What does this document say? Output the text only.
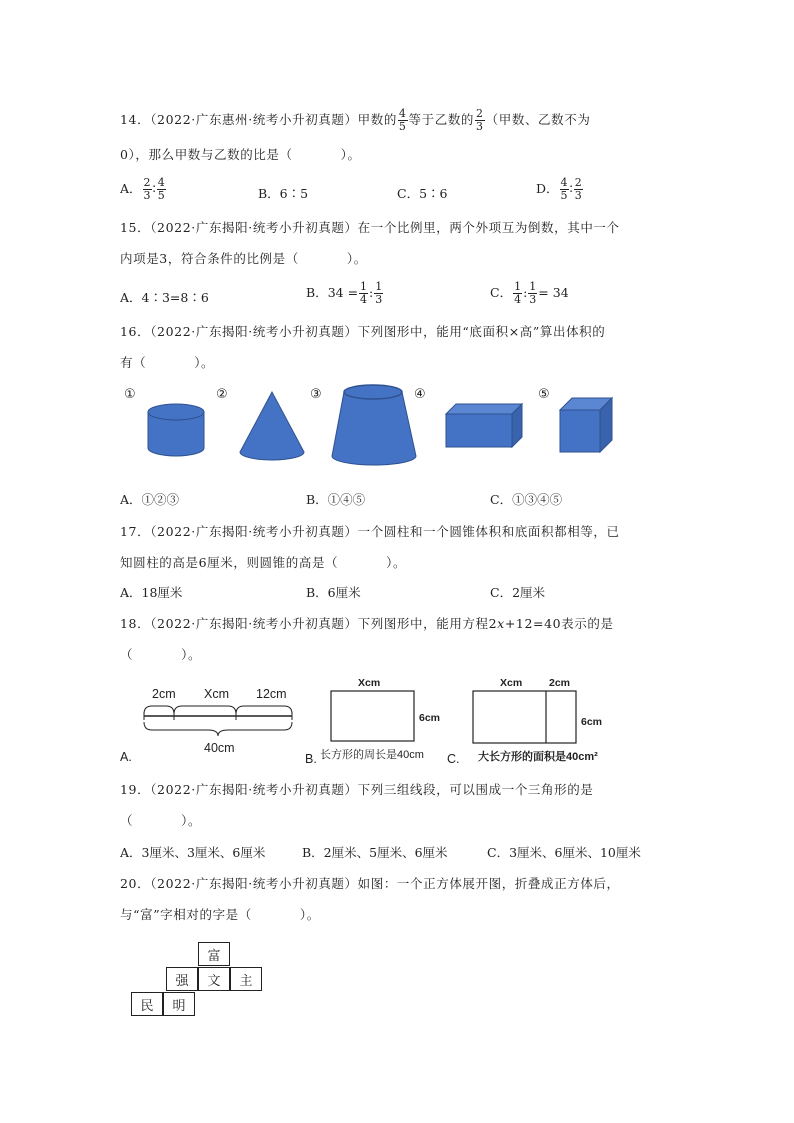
14．（2022·广东惠州·统考小升初真题）甲数的 $\frac{4}{5}$ 等于乙数的 $\frac{2}{3}$ （甲数、乙数不为
0），那么甲数与乙数的比是（	）。
A． $\frac{2}{3}$ ∶ $\frac{4}{5}$	B．6∶5	C．5∶6	D． $\frac{4}{5}$ ∶ $\frac{2}{3}$
15．（2022·广东揭阳·统考小升初真题）在一个比例里，两个外项互为倒数，其中一个
内项是3，符合条件的比例是（	）。
A．4∶3=8∶6	B．$34 = \frac{1}{4}$ : $\frac{1}{3}$	C． $\frac{1}{4}$ : $\frac{1}{3} = 34$
16．（2022·广东揭阳·统考小升初真题）下列图形中，能用“底面积×高”算出体积的
有（	）。
①	②	③	④	⑤
A．①②③	B．①④⑤	C．①③④⑤
17．（2022·广东揭阳·统考小升初真题）一个圆柱和一个圆锥体积和底面积都相等，已
知圆柱的高是6厘米，则圆锥的高是（	）。
A．18厘米	B．6厘米	C．2厘米
18．（2022·广东揭阳·统考小升初真题）下列图形中，能用方程2x+12=40表示的是
（	）。
2cm Xcm 12cm
40cm
A.
Xcm
6cm
长方形的周长是40cm
B.
Xcm	2cm
6cm
大长方形的面积是40cm²
C.
19．（2022·广东揭阳·统考小升初真题）下列三组线段，可以围成一个三角形的是
（	）。
A．3厘米、3厘米、6厘米	B．2厘米、5厘米、6厘米	C．3厘米、6厘米、10厘米
20．（2022·广东揭阳·统考小升初真题）如图：一个正方体展开图，折叠成正方体后，
与“富”字相对的字是（	）。
富
强	文	主
民	明
